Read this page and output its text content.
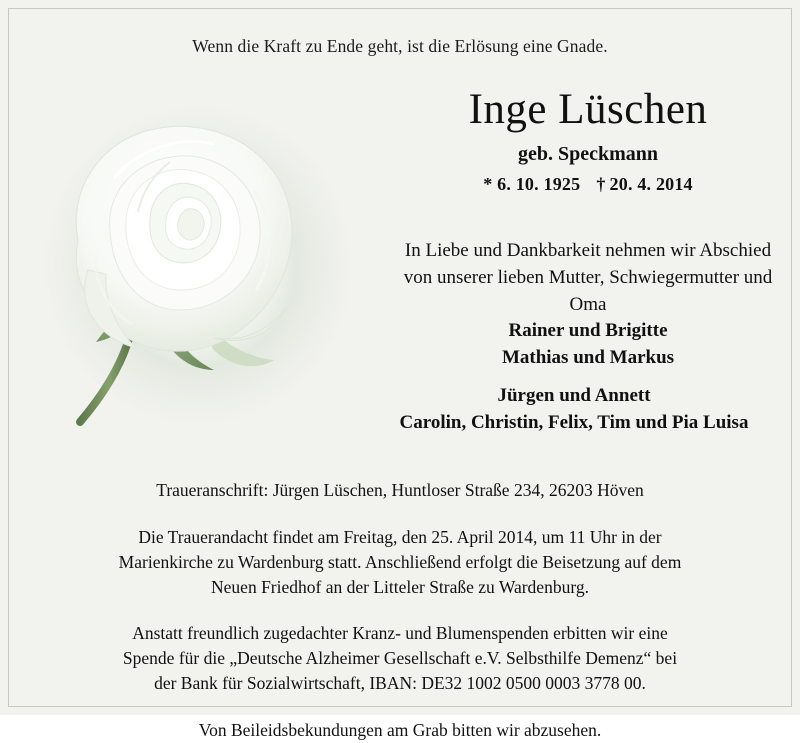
Wenn die Kraft zu Ende geht, ist die Erlösung eine Gnade.
Inge Lüschen
geb. Speckmann
* 6. 10. 1925 † 20. 4. 2014
In Liebe und Dankbarkeit nehmen wir Abschied von unserer lieben Mutter, Schwiegermutter und Oma
Rainer und Brigitte
Mathias und Markus
Jürgen und Annett
Carolin, Christin, Felix, Tim und Pia Luisa

Traueranschrift: Jürgen Lüschen, Huntloser Straße 234, 26203 Höven

Die Trauerandacht findet am Freitag, den 25. April 2014, um 11 Uhr in der Marienkirche zu Wardenburg statt. Anschließend erfolgt die Beisetzung auf dem Neuen Friedhof an der Litteler Straße zu Wardenburg.

Anstatt freundlich zugedachter Kranz- und Blumenspenden erbitten wir eine Spende für die „Deutsche Alzheimer Gesellschaft e.V. Selbsthilfe Demenz“ bei der Bank für Sozialwirtschaft, IBAN: DE32 1002 0500 0003 3778 00.

Von Beileidsbekundungen am Grab bitten wir abzusehen.
